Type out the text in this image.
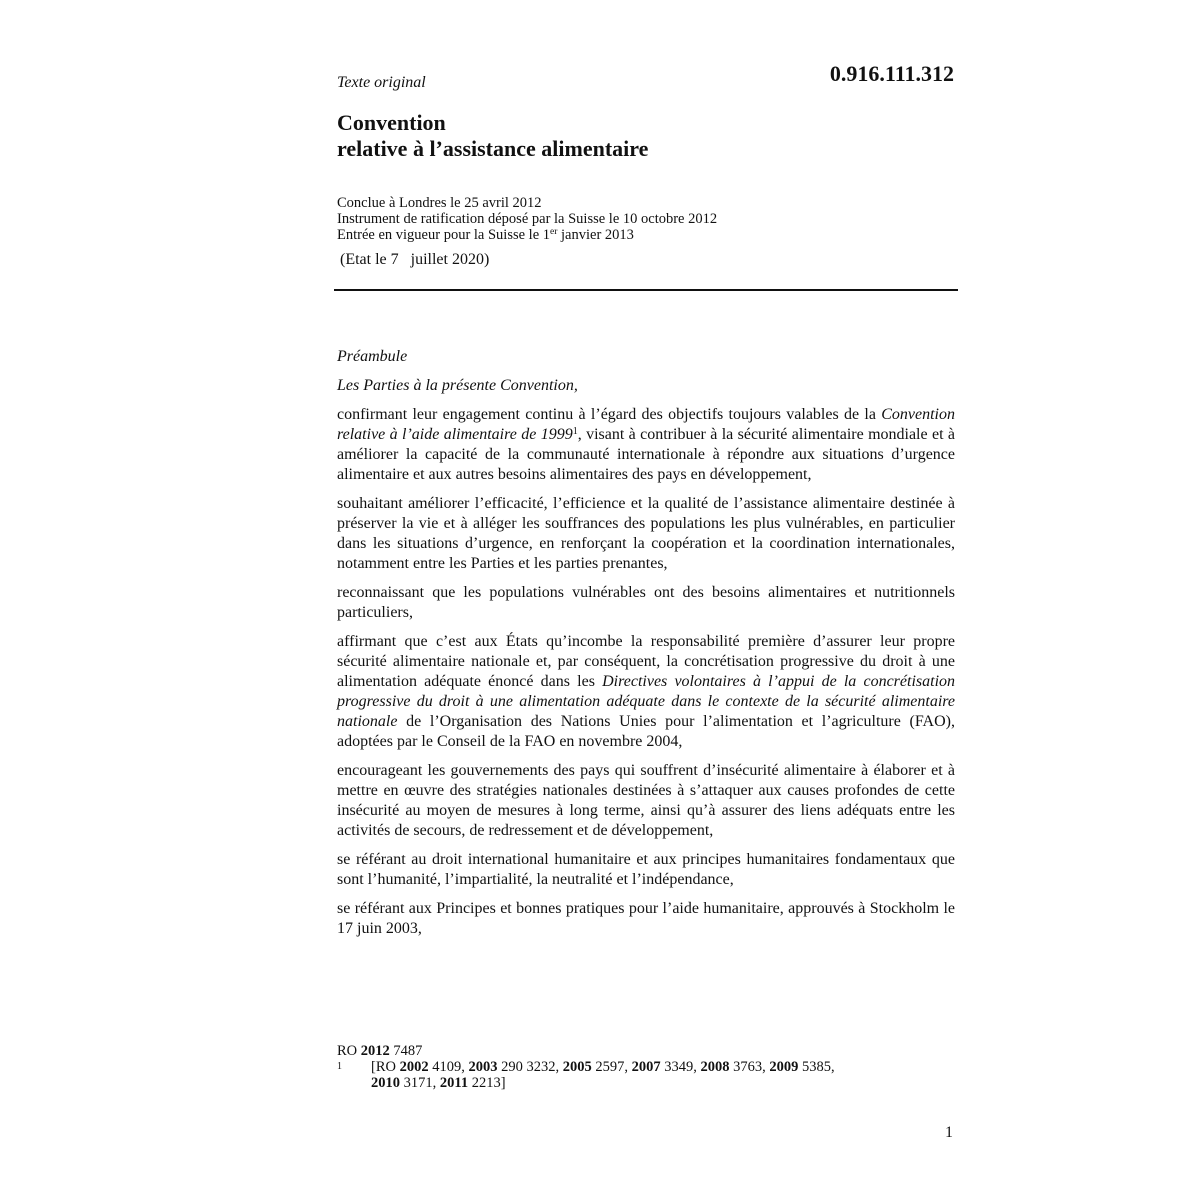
Texte original	0.916.111.312
Convention
relative à l’assistance alimentaire
Conclue à Londres le 25 avril 2012
Instrument de ratification déposé par la Suisse le 10 octobre 2012
Entrée en vigueur pour la Suisse le 1er janvier 2013
(Etat le 7   juillet 2020)
Préambule
Les Parties à la présente Convention,

confirmant leur engagement continu à l’égard des objectifs toujours valables de la Convention relative à l’aide alimentaire de 1999$^1$, visant à contribuer à la sécurité alimentaire mondiale et à améliorer la capacité de la communauté internationale à répondre aux situations d’urgence alimentaire et aux autres besoins alimentaires des pays en développement,

souhaitant améliorer l’efficacité, l’efficience et la qualité de l’assistance alimentaire destinée à préserver la vie et à alléger les souffrances des populations les plus vulnérables, en particulier dans les situations d’urgence, en renforçant la coopération et la coordination internationales, notamment entre les Parties et les parties prenantes,

reconnaissant que les populations vulnérables ont des besoins alimentaires et nutritionnels particuliers,

affirmant que c’est aux États qu’incombe la responsabilité première d’assurer leur propre sécurité alimentaire nationale et, par conséquent, la concrétisation progressive du droit à une alimentation adéquate énoncé dans les Directives volontaires à l’appui de la concrétisation progressive du droit à une alimentation adéquate dans le contexte de la sécurité alimentaire nationale de l’Organisation des Nations Unies pour l’alimentation et l’agriculture (FAO), adoptées par le Conseil de la FAO en novembre 2004,

encourageant les gouvernements des pays qui souffrent d’insécurité alimentaire à élaborer et à mettre en œuvre des stratégies nationales destinées à s’attaquer aux causes profondes de cette insécurité au moyen de mesures à long terme, ainsi qu’à assurer des liens adéquats entre les activités de secours, de redressement et de développement,

se référant au droit international humanitaire et aux principes humanitaires fondamentaux que sont l’humanité, l’impartialité, la neutralité et l’indépendance,

se référant aux Principes et bonnes pratiques pour l’aide humanitaire, approuvés à Stockholm le 17 juin 2003,

RO 2012 7487
1	[RO 2002 4109, 2003 290 3232, 2005 2597, 2007 3349, 2008 3763, 2009 5385,
2010 3171, 2011 2213]
1
